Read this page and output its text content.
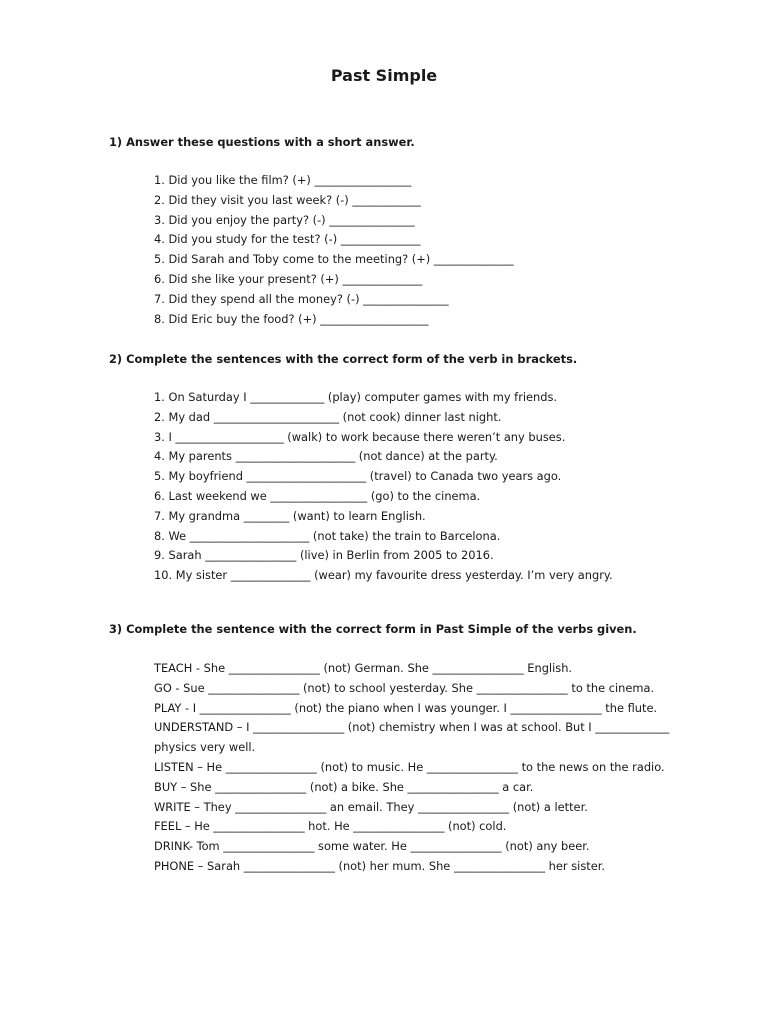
Past Simple
1) Answer these questions with a short answer.
1. Did you like the film? (+) _________________
2. Did they visit you last week? (-) ____________
3. Did you enjoy the party? (-) _______________
4. Did you study for the test? (-) ______________
5. Did Sarah and Toby come to the meeting? (+) ______________
6. Did she like your present? (+) ______________
7. Did they spend all the money? (-) _______________
8. Did Eric buy the food? (+) ___________________
2) Complete the sentences with the correct form of the verb in brackets.
1. On Saturday I _____________ (play) computer games with my friends.
2. My dad ______________________ (not cook) dinner last night.
3. I ___________________ (walk) to work because there weren’t any buses.
4. My parents _____________________ (not dance) at the party.
5. My boyfriend _____________________ (travel) to Canada two years ago.
6. Last weekend we _________________ (go) to the cinema.
7. My grandma ________ (want) to learn English.
8. We _____________________ (not take) the train to Barcelona.
9. Sarah ________________ (live) in Berlin from 2005 to 2016.
10. My sister ______________ (wear) my favourite dress yesterday. I’m very angry.
3) Complete the sentence with the correct form in Past Simple of the verbs given.
TEACH - She ________________ (not) German. She ________________ English.
GO - Sue ________________ (not) to school yesterday. She ________________ to the cinema.
PLAY - I ________________ (not) the piano when I was younger. I ________________ the flute.
UNDERSTAND – I ________________ (not) chemistry when I was at school. But I _____________
physics very well.
LISTEN – He ________________ (not) to music. He ________________ to the news on the radio.
BUY – She ________________ (not) a bike. She ________________ a car.
WRITE – They ________________ an email. They ________________ (not) a letter.
FEEL – He ________________ hot. He ________________ (not) cold.
DRINK- Tom ________________ some water. He ________________ (not) any beer.
PHONE – Sarah ________________ (not) her mum. She ________________ her sister.
